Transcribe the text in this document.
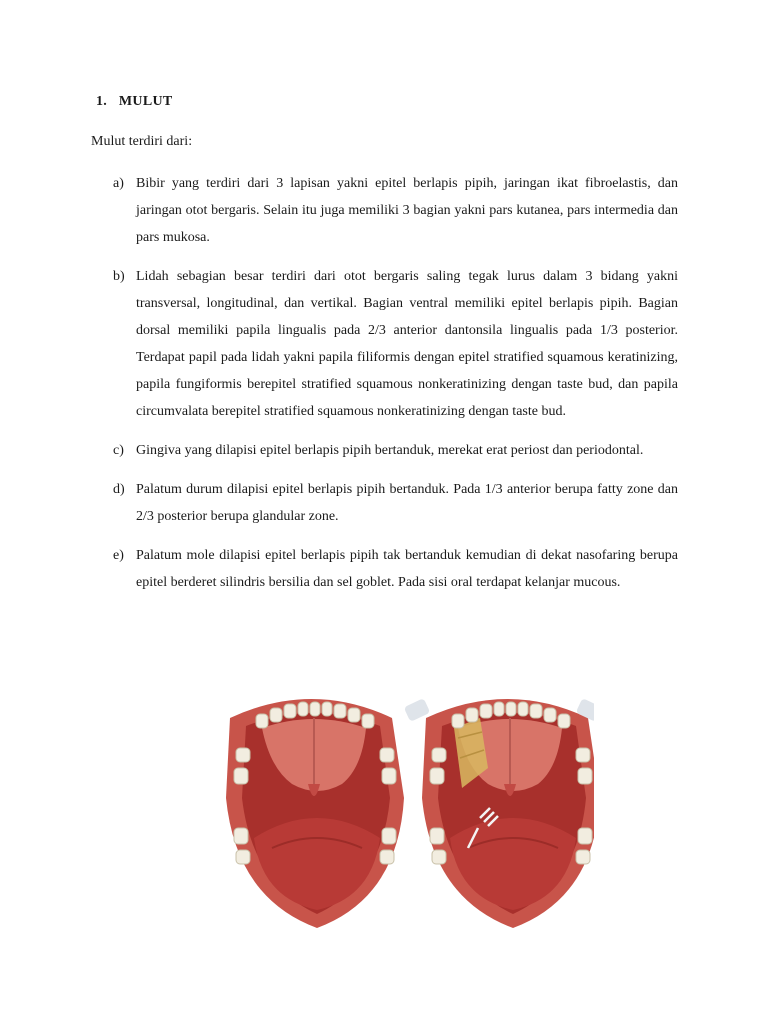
1. MULUT
Mulut terdiri dari:
a) Bibir yang terdiri dari 3 lapisan yakni epitel berlapis pipih, jaringan ikat fibroelastis, dan jaringan otot bergaris. Selain itu juga memiliki 3 bagian yakni pars kutanea, pars intermedia dan pars mukosa.
b) Lidah sebagian besar terdiri dari otot bergaris saling tegak lurus dalam 3 bidang yakni transversal, longitudinal, dan vertikal. Bagian ventral memiliki epitel berlapis pipih. Bagian dorsal memiliki papila lingualis pada 2/3 anterior dantonsila lingualis pada 1/3 posterior. Terdapat papil pada lidah yakni papila filiformis dengan epitel stratified squamous keratinizing, papila fungiformis berepitel stratified squamous nonkeratinizing dengan taste bud, dan papila circumvalata berepitel stratified squamous nonkeratinizing dengan taste bud.
c) Gingiva yang dilapisi epitel berlapis pipih bertanduk, merekat erat periost dan periodontal.
d) Palatum durum dilapisi epitel berlapis pipih bertanduk. Pada 1/3 anterior berupa fatty zone dan 2/3 posterior berupa glandular zone.
e) Palatum mole dilapisi epitel berlapis pipih tak bertanduk kemudian di dekat nasofaring berupa epitel berderet silindris bersilia dan sel goblet. Pada sisi oral terdapat kelanjar mucous.
